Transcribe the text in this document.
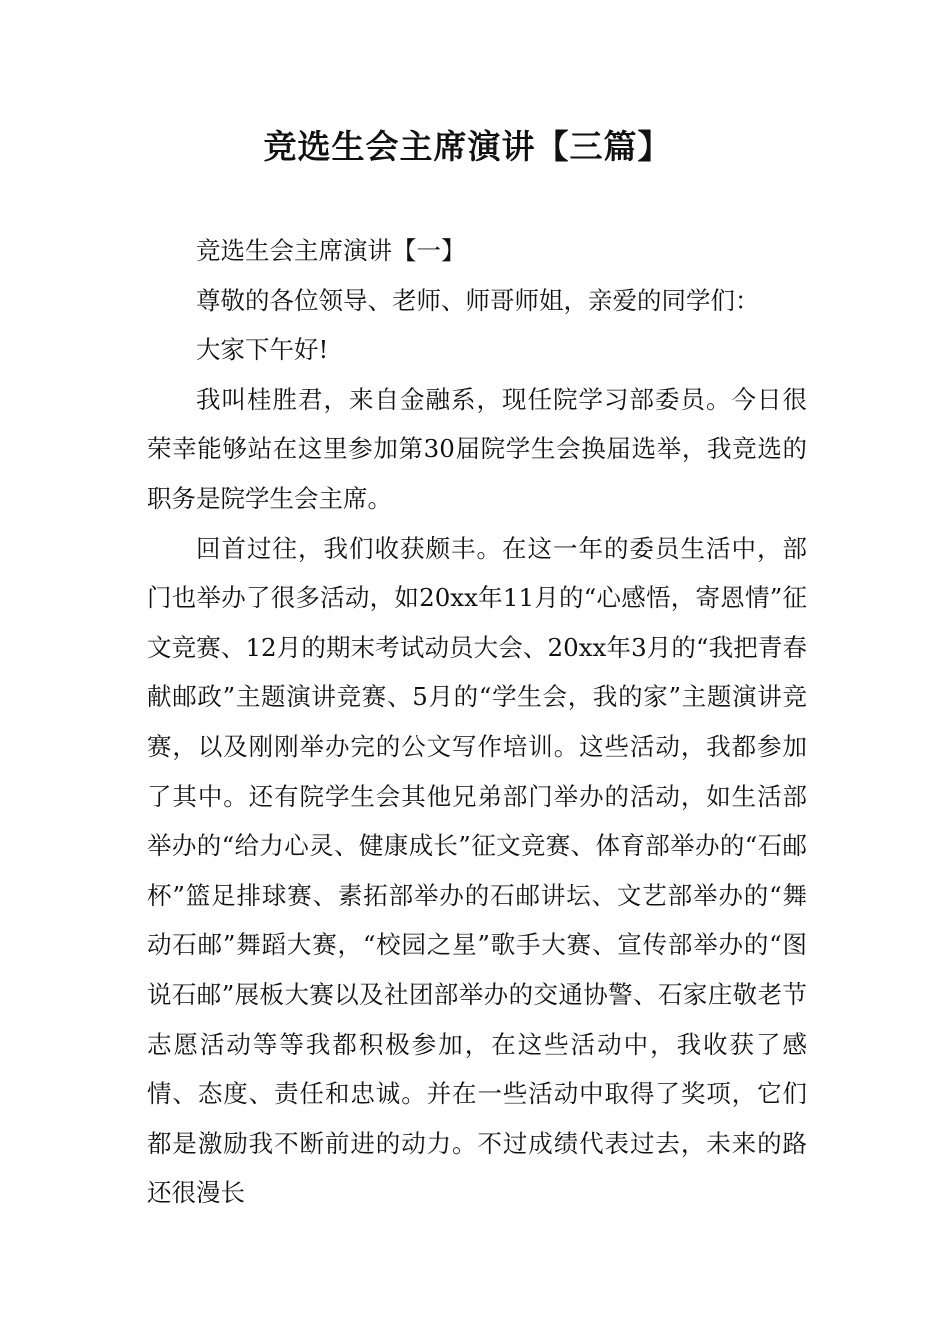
竞选生会主席演讲【三篇】

竞选生会主席演讲【一】

尊敬的各位领导、老师、师哥师姐，亲爱的同学们：

大家下午好!

我叫桂胜君，来自金融系，现任院学习部委员。今日很荣幸能够站在这里参加第30届院学生会换届选举，我竞选的职务是院学生会主席。

回首过往，我们收获颇丰。在这一年的委员生活中，部门也举办了很多活动，如20xx年11月的“心感悟，寄恩情”征文竞赛、12月的期末考试动员大会、20xx年3月的“我把青春献邮政”主题演讲竞赛、5月的“学生会，我的家”主题演讲竞赛，以及刚刚举办完的公文写作培训。这些活动，我都参加了其中。还有院学生会其他兄弟部门举办的活动，如生活部举办的“给力心灵、健康成长”征文竞赛、体育部举办的“石邮杯”篮足排球赛、素拓部举办的石邮讲坛、文艺部举办的“舞动石邮”舞蹈大赛，“校园之星”歌手大赛、宣传部举办的“图说石邮”展板大赛以及社团部举办的交通协警、石家庄敬老节志愿活动等等我都积极参加，在这些活动中，我收获了感情、态度、责任和忠诚。并在一些活动中取得了奖项，它们都是激励我不断前进的动力。不过成绩代表过去，未来的路还很漫长
